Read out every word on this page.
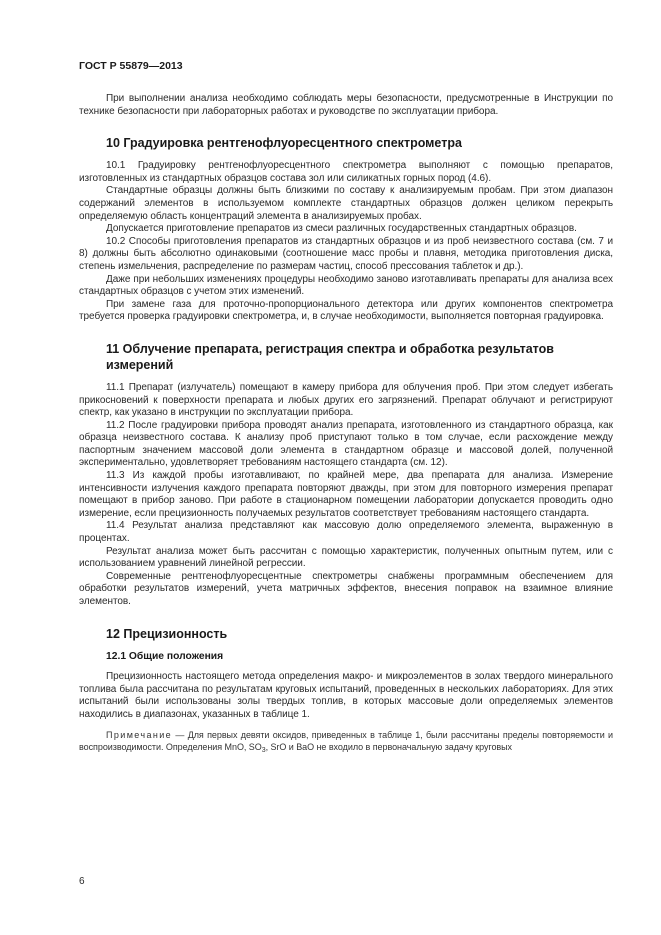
ГОСТ Р 55879—2013

При выполнении анализа необходимо соблюдать меры безопасности, предусмотренные в Инструкции по технике безопасности при лабораторных работах и руководстве по эксплуатации прибора.

10 Градуировка рентгенофлуоресцентного спектрометра

10.1 Градуировку рентгенофлуоресцентного спектрометра выполняют с помощью препаратов, изготовленных из стандартных образцов состава зол или силикатных горных пород (4.6).

Стандартные образцы должны быть близкими по составу к анализируемым пробам. При этом диапазон содержаний элементов в используемом комплекте стандартных образцов должен целиком перекрыть определяемую область концентраций элемента в анализируемых пробах.

Допускается приготовление препаратов из смеси различных государственных стандартных образцов.

10.2 Способы приготовления препаратов из стандартных образцов и из проб неизвестного состава (см. 7 и 8) должны быть абсолютно одинаковыми (соотношение масс пробы и плавня, методика приготовления диска, степень измельчения, распределение по размерам частиц, способ прессования таблеток и др.).

Даже при небольших изменениях процедуры необходимо заново изготавливать препараты для анализа всех стандартных образцов с учетом этих изменений.

При замене газа для проточно-пропорционального детектора или других компонентов спектрометра требуется проверка градуировки спектрометра, и, в случае необходимости, выполняется повторная градуировка.

11 Облучение препарата, регистрация спектра и обработка результатов измерений

11.1 Препарат (излучатель) помещают в камеру прибора для облучения проб. При этом следует избегать прикосновений к поверхности препарата и любых других его загрязнений. Препарат облучают и регистрируют спектр, как указано в инструкции по эксплуатации прибора.

11.2 После градуировки прибора проводят анализ препарата, изготовленного из стандартного образца, как образца неизвестного состава. К анализу проб приступают только в том случае, если расхождение между паспортным значением массовой доли элемента в стандартном образце и массовой долей, полученной экспериментально, удовлетворяет требованиям настоящего стандарта (см. 12).

11.3 Из каждой пробы изготавливают, по крайней мере, два препарата для анализа. Измерение интенсивности излучения каждого препарата повторяют дважды, при этом для повторного измерения препарат помещают в прибор заново. При работе в стационарном помещении лаборатории допускается проводить одно измерение, если прецизионность получаемых результатов соответствует требованиям настоящего стандарта.

11.4 Результат анализа представляют как массовую долю определяемого элемента, выраженную в процентах.

Результат анализа может быть рассчитан с помощью характеристик, полученных опытным путем, или с использованием уравнений линейной регрессии.

Современные рентгенофлуоресцентные спектрометры снабжены программным обеспечением для обработки результатов измерений, учета матричных эффектов, внесения поправок на взаимное влияние элементов.

12 Прецизионность
12.1 Общие положения

Прецизионность настоящего метода определения макро- и микроэлементов в золах твердого минерального топлива была рассчитана по результатам круговых испытаний, проведенных в нескольких лабораториях. Для этих испытаний были использованы золы твердых топлив, в которых массовые доли определяемых элементов находились в диапазонах, указанных в таблице 1.

Примечание — Для первых девяти оксидов, приведенных в таблице 1, были рассчитаны пределы повторяемости и воспроизводимости. Определения MnO, $SO_3$, SrO и BaO не входило в первоначальную задачу круговых

6
